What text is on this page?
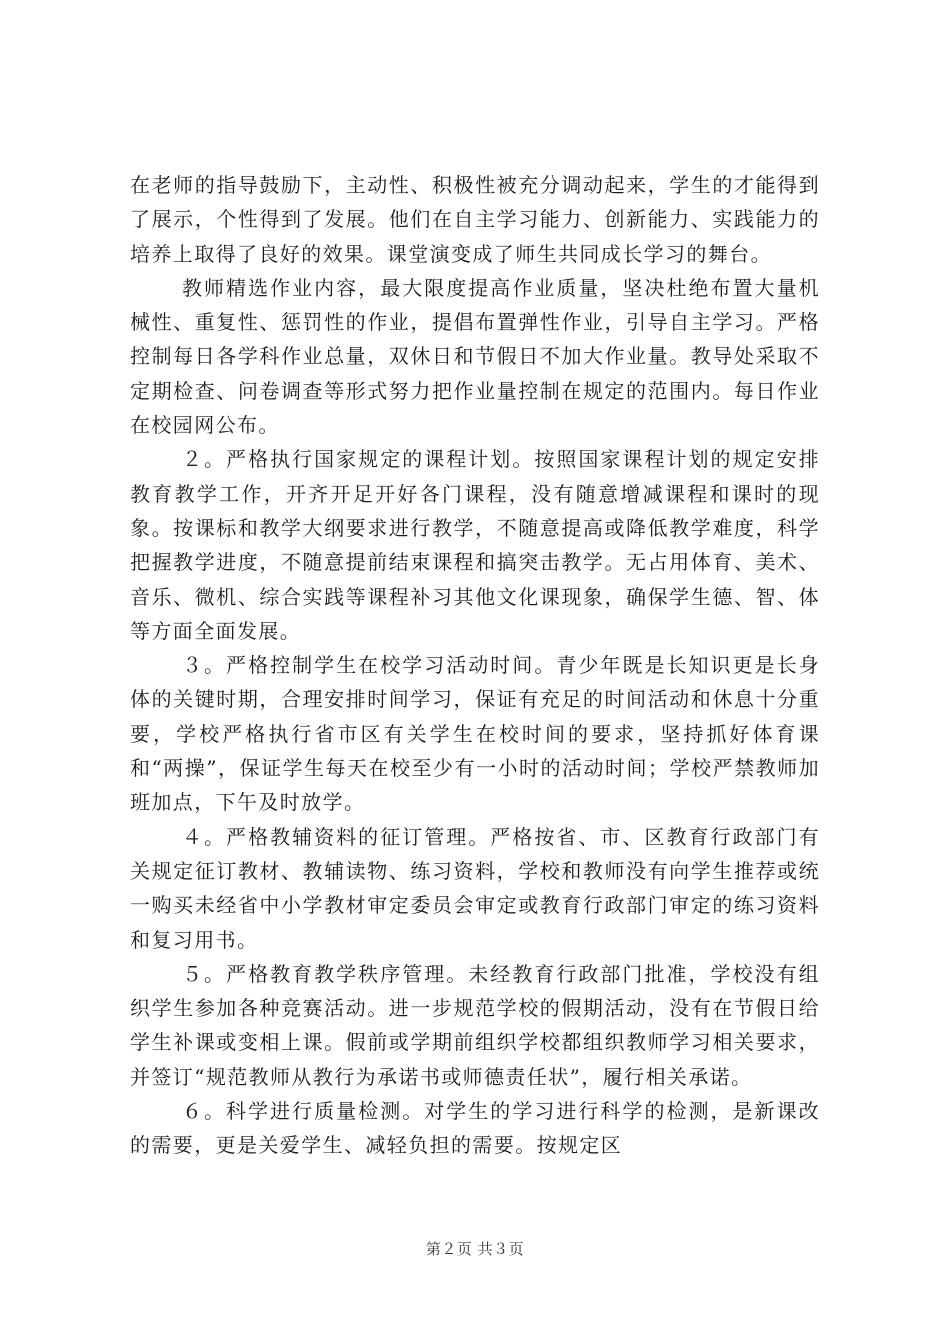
在老师的指导鼓励下，主动性、积极性被充分调动起来，学生的才能得到了展示，个性得到了发展。他们在自主学习能力、创新能力、实践能力的培养上取得了良好的效果。课堂演变成了师生共同成长学习的舞台。

教师精选作业内容，最大限度提高作业质量，坚决杜绝布置大量机械性、重复性、惩罚性的作业，提倡布置弹性作业，引导自主学习。严格控制每日各学科作业总量，双休日和节假日不加大作业量。教导处采取不定期检查、问卷调查等形式努力把作业量控制在规定的范围内。每日作业在校园网公布。

２。严格执行国家规定的课程计划。按照国家课程计划的规定安排教育教学工作，开齐开足开好各门课程，没有随意增减课程和课时的现象。按课标和教学大纲要求进行教学，不随意提高或降低教学难度，科学把握教学进度，不随意提前结束课程和搞突击教学。无占用体育、美术、音乐、微机、综合实践等课程补习其他文化课现象，确保学生德、智、体等方面全面发展。

３。严格控制学生在校学习活动时间。青少年既是长知识更是长身体的关键时期，合理安排时间学习，保证有充足的时间活动和休息十分重要，学校严格执行省市区有关学生在校时间的要求，坚持抓好体育课和“两操”，保证学生每天在校至少有一小时的活动时间；学校严禁教师加班加点，下午及时放学。

４。严格教辅资料的征订管理。严格按省、市、区教育行政部门有关规定征订教材、教辅读物、练习资料，学校和教师没有向学生推荐或统一购买未经省中小学教材审定委员会审定或教育行政部门审定的练习资料和复习用书。

５。严格教育教学秩序管理。未经教育行政部门批准，学校没有组织学生参加各种竞赛活动。进一步规范学校的假期活动，没有在节假日给学生补课或变相上课。假前或学期前组织学校都组织教师学习相关要求，并签订“规范教师从教行为承诺书或师德责任状”，履行相关承诺。

６。科学进行质量检测。对学生的学习进行科学的检测，是新课改的需要，更是关爱学生、减轻负担的需要。按规定区

第２页 共３页
